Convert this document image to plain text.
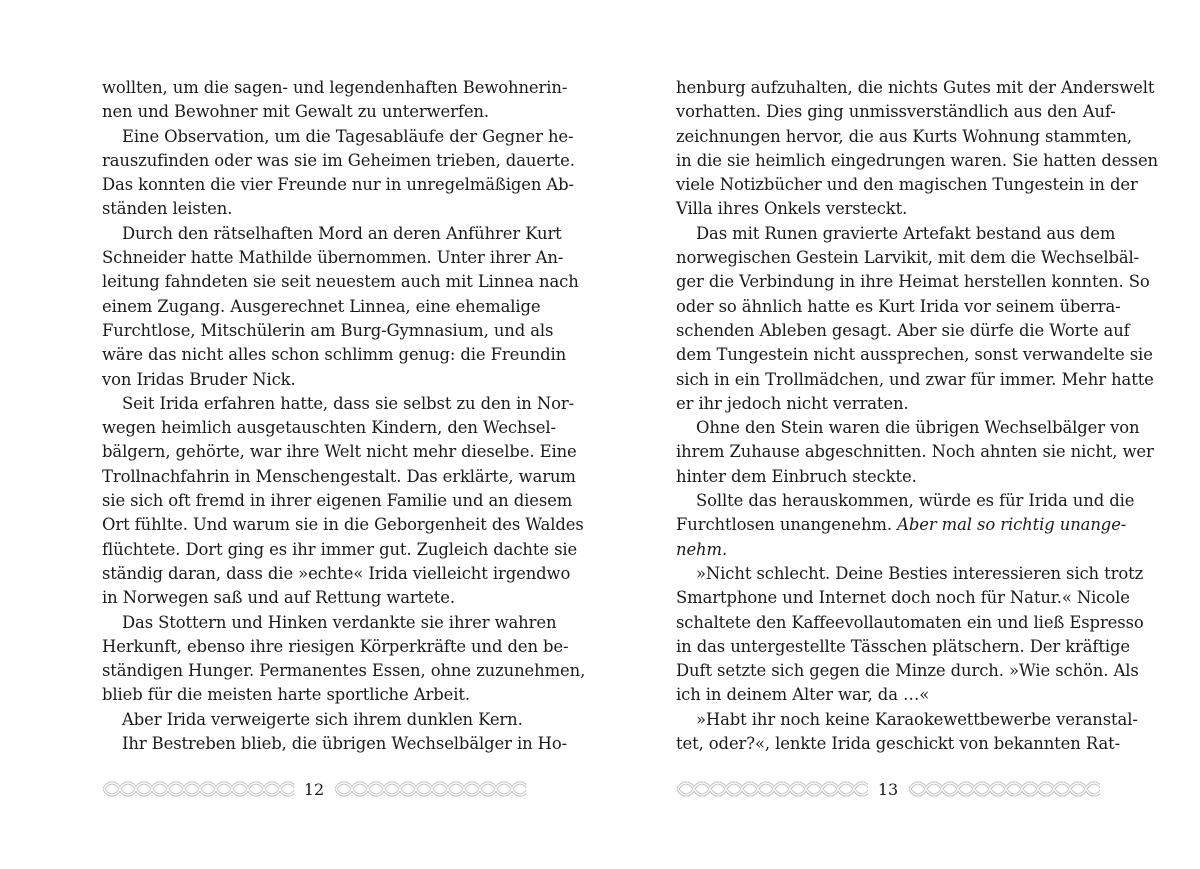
wollten, um die sagen- und legendenhaften Bewohnerin-
nen und Bewohner mit Gewalt zu unterwerfen.
Eine Observation, um die Tagesabläufe der Gegner he-
rauszufinden oder was sie im Geheimen trieben, dauerte.
Das konnten die vier Freunde nur in unregelmäßigen Ab-
ständen leisten.
Durch den rätselhaften Mord an deren Anführer Kurt
Schneider hatte Mathilde übernommen. Unter ihrer An-
leitung fahndeten sie seit neuestem auch mit Linnea nach
einem Zugang. Ausgerechnet Linnea, eine ehemalige
Furchtlose, Mitschülerin am Burg-Gymnasium, und als
wäre das nicht alles schon schlimm genug: die Freundin
von Iridas Bruder Nick.
Seit Irida erfahren hatte, dass sie selbst zu den in Nor-
wegen heimlich ausgetauschten Kindern, den Wechsel-
bälgern, gehörte, war ihre Welt nicht mehr dieselbe. Eine
Trollnachfahrin in Menschengestalt. Das erklärte, warum
sie sich oft fremd in ihrer eigenen Familie und an diesem
Ort fühlte. Und warum sie in die Geborgenheit des Waldes
flüchtete. Dort ging es ihr immer gut. Zugleich dachte sie
ständig daran, dass die »echte« Irida vielleicht irgendwo
in Norwegen saß und auf Rettung wartete.
Das Stottern und Hinken verdankte sie ihrer wahren
Herkunft, ebenso ihre riesigen Körperkräfte und den be-
ständigen Hunger. Permanentes Essen, ohne zuzunehmen,
blieb für die meisten harte sportliche Arbeit.
Aber Irida verweigerte sich ihrem dunklen Kern.
Ihr Bestreben blieb, die übrigen Wechselbälger in Ho-
henburg aufzuhalten, die nichts Gutes mit der Anderswelt
vorhatten. Dies ging unmissverständlich aus den Auf-
zeichnungen hervor, die aus Kurts Wohnung stammten,
in die sie heimlich eingedrungen waren. Sie hatten dessen
viele Notizbücher und den magischen Tungestein in der
Villa ihres Onkels versteckt.
Das mit Runen gravierte Artefakt bestand aus dem
norwegischen Gestein Larvikit, mit dem die Wechselbäl-
ger die Verbindung in ihre Heimat herstellen konnten. So
oder so ähnlich hatte es Kurt Irida vor seinem überra-
schenden Ableben gesagt. Aber sie dürfe die Worte auf
dem Tungestein nicht aussprechen, sonst verwandelte sie
sich in ein Trollmädchen, und zwar für immer. Mehr hatte
er ihr jedoch nicht verraten.
Ohne den Stein waren die übrigen Wechselbälger von
ihrem Zuhause abgeschnitten. Noch ahnten sie nicht, wer
hinter dem Einbruch steckte.
Sollte das herauskommen, würde es für Irida und die
Furchtlosen unangenehm. Aber mal so richtig unange-
nehm.
»Nicht schlecht. Deine Besties interessieren sich trotz
Smartphone und Internet doch noch für Natur.« Nicole
schaltete den Kaffeevollautomaten ein und ließ Espresso
in das untergestellte Tässchen plätschern. Der kräftige
Duft setzte sich gegen die Minze durch. »Wie schön. Als
ich in deinem Alter war, da …«
»Habt ihr noch keine Karaokewettbewerbe veranstal-
tet, oder?«, lenkte Irida geschickt von bekannten Rat-
12	13
